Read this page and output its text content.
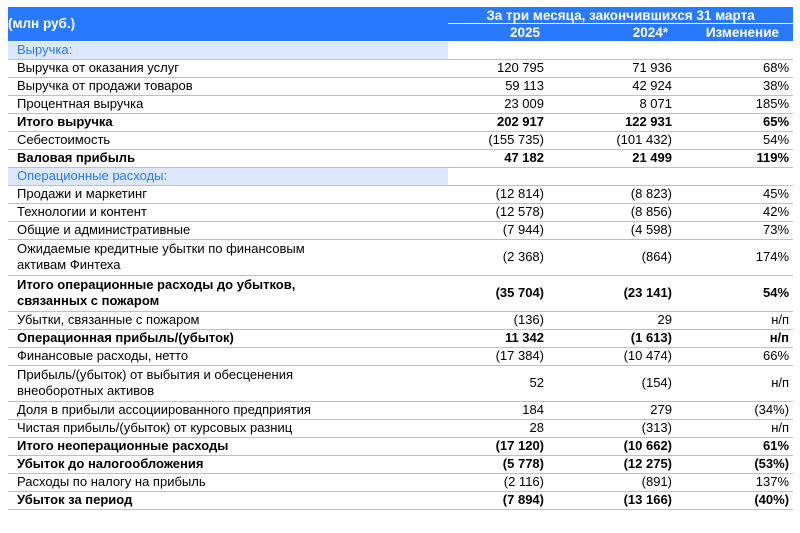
(млн руб.)	За три месяца, закончившихся 31 марта		
	2025	2024*	Изменение
Выручка:			
Выручка от оказания услуг	120 795	71 936	68%
Выручка от продажи товаров	59 113	42 924	38%
Процентная выручка	23 009	8 071	185%
Итого выручка	202 917	122 931	65%
Себестоимость	(155 735)	(101 432)	54%
Валовая прибыль	47 182	21 499	119%
Операционные расходы:			
Продажи и маркетинг	(12 814)	(8 823)	45%
Технологии и контент	(12 578)	(8 856)	42%
Общие и административные	(7 944)	(4 598)	73%
Ожидаемые кредитные убытки по финансовым
активам Финтеха	(2 368)	(864)	174%
Итого операционные расходы до убытков,
связанных с пожаром	(35 704)	(23 141)	54%
Убытки, связанные с пожаром	(136)	29	н/п
Операционная прибыль/(убыток)	11 342	(1 613)	н/п
Финансовые расходы, нетто	(17 384)	(10 474)	66%
Прибыль/(убыток) от выбытия и обесценения
внеоборотных активов	52	(154)	н/п
Доля в прибыли ассоциированного предприятия	184	279	(34%)
Чистая прибыль/(убыток) от курсовых разниц	28	(313)	н/п
Итого неоперационные расходы	(17 120)	(10 662)	61%
Убыток до налогообложения	(5 778)	(12 275)	(53%)
Расходы по налогу на прибыль	(2 116)	(891)	137%
Убыток за период	(7 894)	(13 166)	(40%)
